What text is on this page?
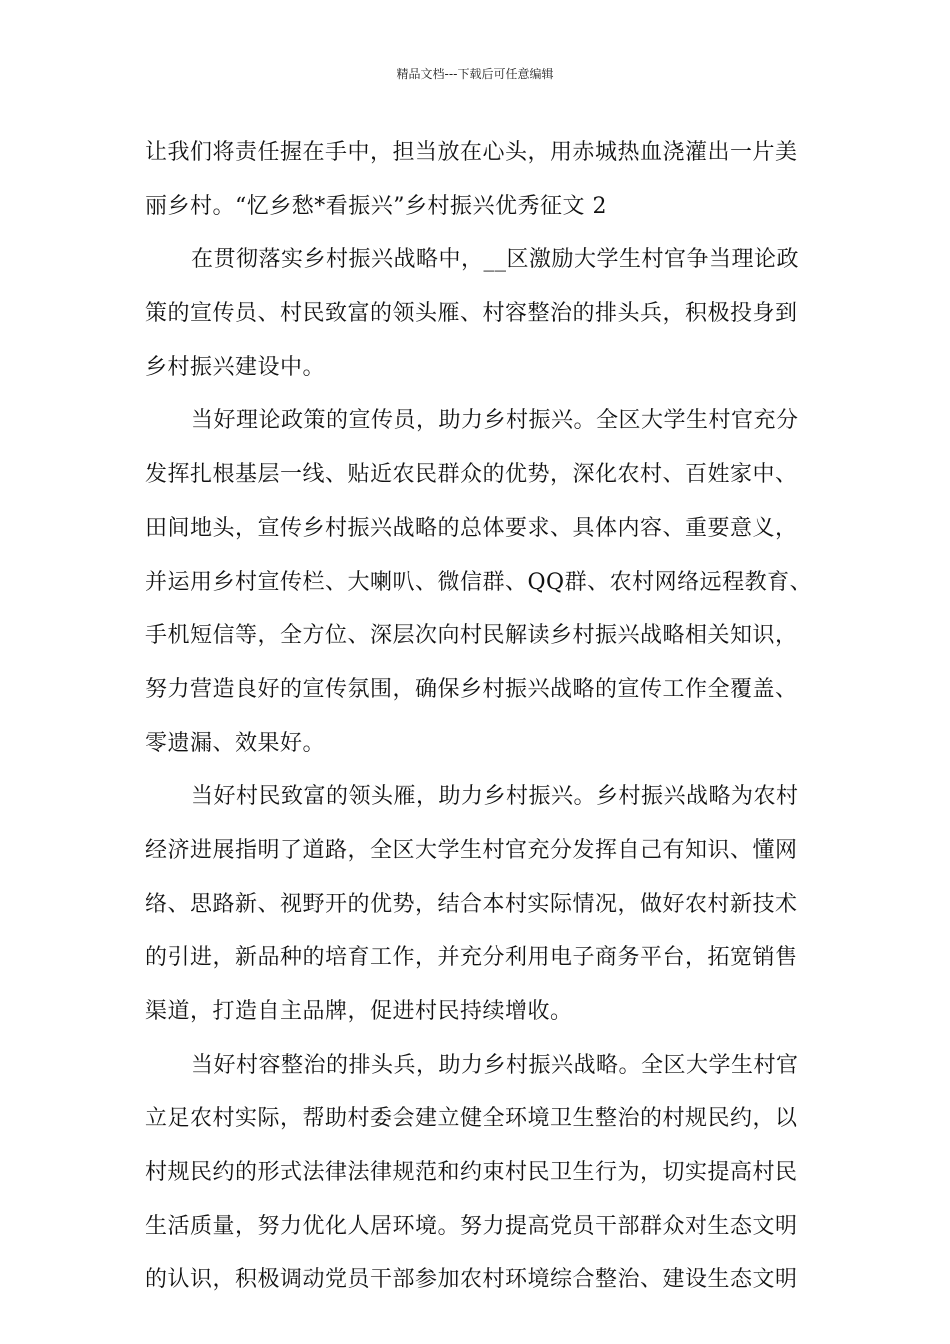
精品文档---下载后可任意编辑
让我们将责任握在手中，担当放在心头，用赤城热血浇灌出一片美
丽乡村。“忆乡愁*看振兴”乡村振兴优秀征文 2
在贯彻落实乡村振兴战略中，__区激励大学生村官争当理论政
策的宣传员、村民致富的领头雁、村容整治的排头兵，积极投身到
乡村振兴建设中。
当好理论政策的宣传员，助力乡村振兴。全区大学生村官充分
发挥扎根基层一线、贴近农民群众的优势，深化农村、百姓家中、
田间地头，宣传乡村振兴战略的总体要求、具体内容、重要意义，
并运用乡村宣传栏、大喇叭、微信群、QQ群、农村网络远程教育、
手机短信等，全方位、深层次向村民解读乡村振兴战略相关知识，
努力营造良好的宣传氛围，确保乡村振兴战略的宣传工作全覆盖、
零遗漏、效果好。
当好村民致富的领头雁，助力乡村振兴。乡村振兴战略为农村
经济进展指明了道路，全区大学生村官充分发挥自己有知识、懂网
络、思路新、视野开的优势，结合本村实际情况，做好农村新技术
的引进，新品种的培育工作，并充分利用电子商务平台，拓宽销售
渠道，打造自主品牌，促进村民持续增收。
当好村容整治的排头兵，助力乡村振兴战略。全区大学生村官
立足农村实际，帮助村委会建立健全环境卫生整治的村规民约，以
村规民约的形式法律法律规范和约束村民卫生行为，切实提高村民
生活质量，努力优化人居环境。努力提高党员干部群众对生态文明
的认识，积极调动党员干部参加农村环境综合整治、建设生态文明
